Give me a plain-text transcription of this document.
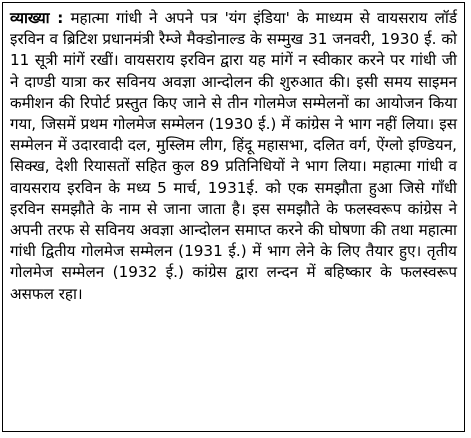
व्याख्या : महात्मा गांधी ने अपने पत्र 'यंग इंडिया' के माध्यम से वायसराय लॉर्ड इरविन व ब्रिटिश प्रधानमंत्री रैम्जे मैक्डोनाल्ड के सम्मुख 31 जनवरी, 1930 ई. को 11 सूत्री मांगें रखीं। वायसराय इरविन द्वारा यह मांगें न स्वीकार करने पर गांधी जी ने दाण्डी यात्रा कर सविनय अवज्ञा आन्दोलन की शुरुआत की। इसी समय साइमन कमीशन की रिपोर्ट प्रस्तुत किए जाने से तीन गोलमेज सम्मेलनों का आयोजन किया गया, जिसमें प्रथम गोलमेज सम्मेलन (1930 ई.) में कांग्रेस ने भाग नहीं लिया। इस सम्मेलन में उदारवादी दल, मुस्लिम लीग, हिंदू महासभा, दलित वर्ग, ऐंग्लो इण्डियन, सिक्ख, देशी रियासतों सहित कुल 89 प्रतिनिधियों ने भाग लिया। महात्मा गांधी व वायसराय इरविन के मध्य 5 मार्च, 1931ई. को एक समझौता हुआ जिसे गाँधी इरविन समझौते के नाम से जाना जाता है। इस समझौते के फलस्वरूप कांग्रेस ने अपनी तरफ से सविनय अवज्ञा आन्दोलन समाप्त करने की घोषणा की तथा महात्मा गांधी द्वितीय गोलमेज सम्मेलन (1931 ई.) में भाग लेने के लिए तैयार हुए। तृतीय गोलमेज सम्मेलन (1932 ई.) कांग्रेस द्वारा लन्दन में बहिष्कार के फलस्वरूप असफल रहा।
